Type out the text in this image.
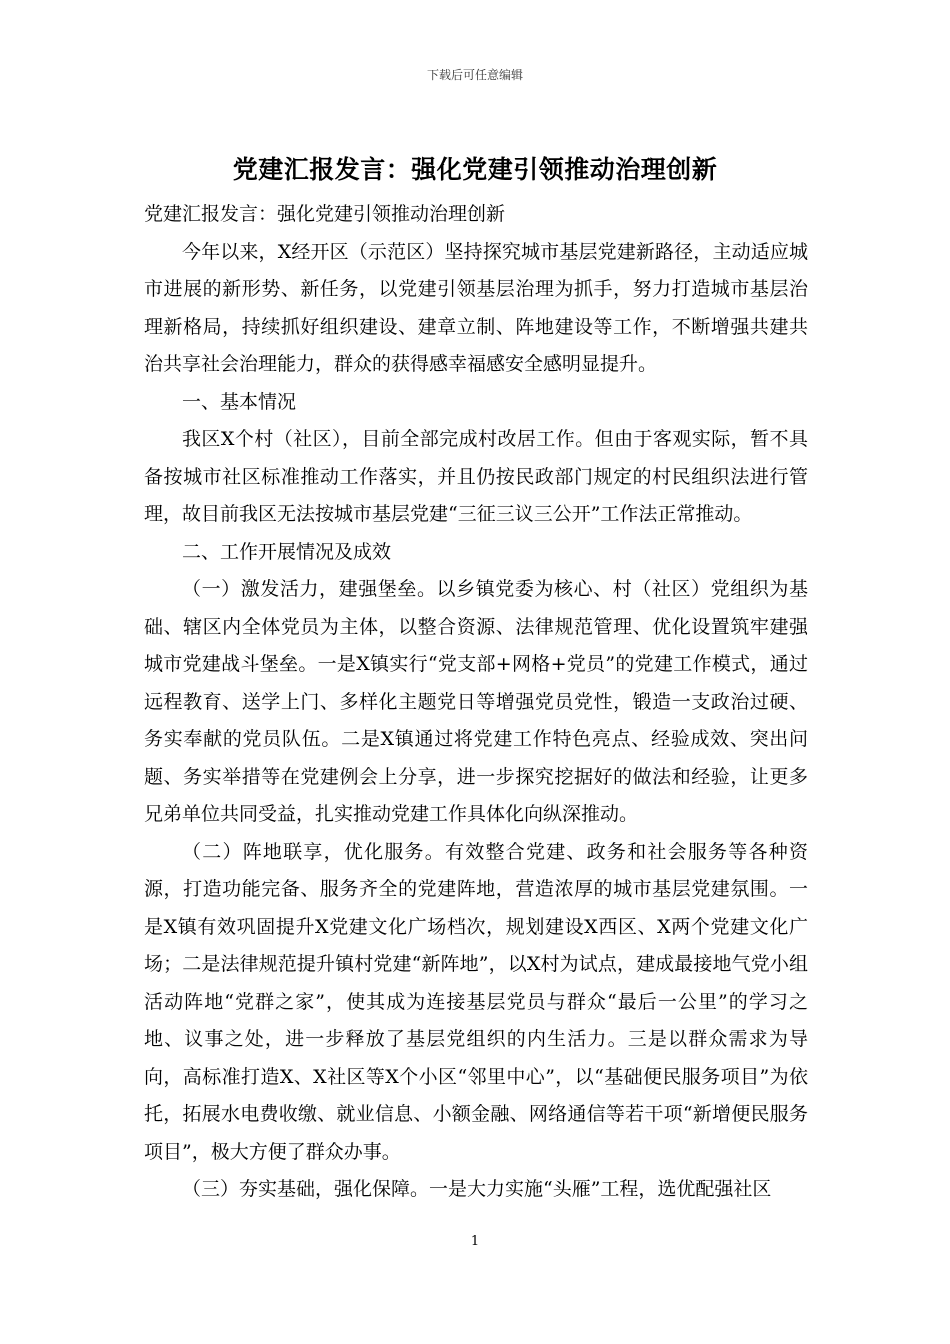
下载后可任意编辑
党建汇报发言：强化党建引领推动治理创新

党建汇报发言：强化党建引领推动治理创新

今年以来，X经开区（示范区）坚持探究城市基层党建新路径，主动适应城市进展的新形势、新任务，以党建引领基层治理为抓手，努力打造城市基层治理新格局，持续抓好组织建设、建章立制、阵地建设等工作，不断增强共建共治共享社会治理能力，群众的获得感幸福感安全感明显提升。

一、基本情况

我区X个村（社区），目前全部完成村改居工作。但由于客观实际，暂不具备按城市社区标准推动工作落实，并且仍按民政部门规定的村民组织法进行管理，故目前我区无法按城市基层党建“三征三议三公开”工作法正常推动。

二、工作开展情况及成效

（一）激发活力，建强堡垒。以乡镇党委为核心、村（社区）党组织为基础、辖区内全体党员为主体，以整合资源、法律规范管理、优化设置筑牢建强城市党建战斗堡垒。一是X镇实行“党支部+网格+党员”的党建工作模式，通过远程教育、送学上门、多样化主题党日等增强党员党性，锻造一支政治过硬、务实奉献的党员队伍。二是X镇通过将党建工作特色亮点、经验成效、突出问题、务实举措等在党建例会上分享，进一步探究挖据好的做法和经验，让更多兄弟单位共同受益，扎实推动党建工作具体化向纵深推动。

（二）阵地联享，优化服务。有效整合党建、政务和社会服务等各种资源，打造功能完备、服务齐全的党建阵地，营造浓厚的城市基层党建氛围。一是X镇有效巩固提升X党建文化广场档次，规划建设X西区、X两个党建文化广场；二是法律规范提升镇村党建“新阵地”，以X村为试点，建成最接地气党小组活动阵地“党群之家”，使其成为连接基层党员与群众“最后一公里”的学习之地、议事之处，进一步释放了基层党组织的内生活力。三是以群众需求为导向，高标准打造X、X社区等X个小区“邻里中心”，以“基础便民服务项目”为依托，拓展水电费收缴、就业信息、小额金融、网络通信等若干项“新增便民服务项目”，极大方便了群众办事。

（三）夯实基础，强化保障。一是大力实施“头雁”工程，选优配强社区

1
